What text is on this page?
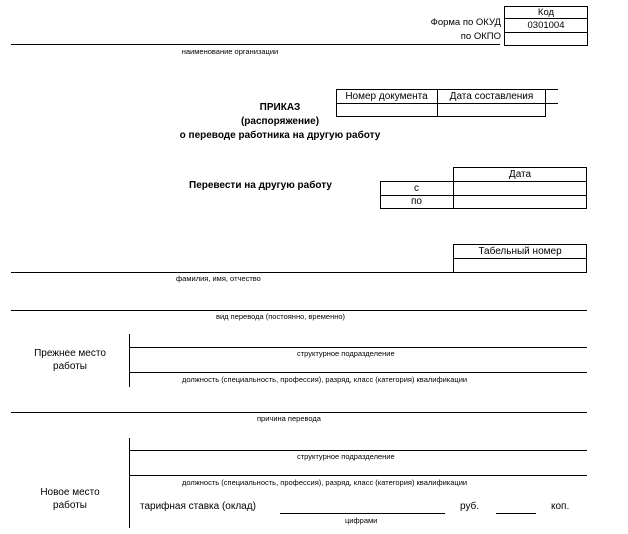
Форма по ОКУД
по ОКПО
Код
0301004
наименование организации
Номер документа	Дата составления
ПРИКАЗ
(распоряжение)
о переводе работника на другую работу
Перевести на другую работу
Дата
с
по
Табельный номер
фамилия, имя, отчество
вид перевода (постоянно, временно)
Прежнее место
работы
структурное подразделение
должность (специальность, профессия), разряд, класс (категория) квалификации
причина перевода
структурное подразделение
должность (специальность, профессия), разряд, класс (категория) квалификации
Новое место
работы	тарифная ставка (оклад)	руб.	коп.
цифрами
